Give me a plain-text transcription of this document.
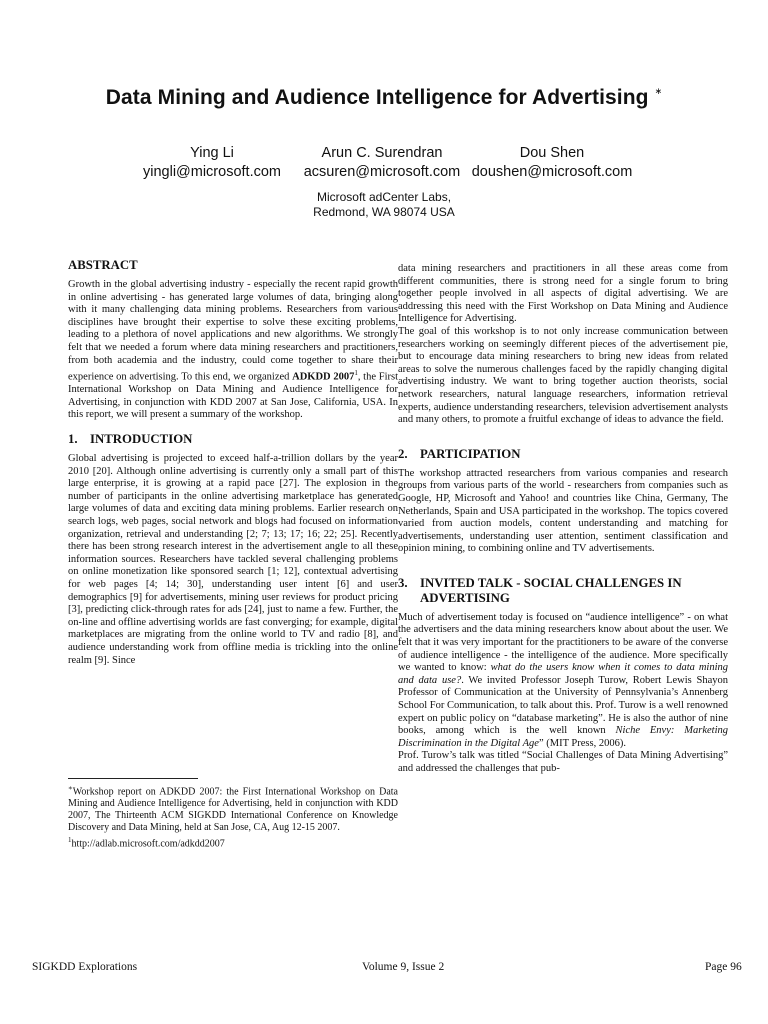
Data Mining and Audience Intelligence for Advertising ∗
Ying Li
yingli@microsoft.com
Arun C. Surendran
acsuren@microsoft.com
Dou Shen
doushen@microsoft.com
Microsoft adCenter Labs,
Redmond, WA 98074 USA
ABSTRACT

Growth in the global advertising industry - especially the recent rapid growth in online advertising - has generated large volumes of data, bringing along with it many challenging data mining problems. Researchers from various disciplines have brought their expertise to solve these exciting problems, leading to a plethora of novel applications and new algorithms. We strongly felt that we needed a forum where data mining researchers and practitioners, from both academia and the industry, could come together to share their experience on advertising. To this end, we organized ADKDD 2007$^1$, the First International Workshop on Data Mining and Audience Intelligence for Advertising, in conjunction with KDD 2007 at San Jose, California, USA. In this report, we will present a summary of the workshop.

1. INTRODUCTION

Global advertising is projected to exceed half-a-trillion dollars by the year 2010 [20]. Although online advertising is currently only a small part of this large enterprise, it is growing at a rapid pace [27]. The explosion in the number of participants in the online advertising marketplace has generated large volumes of data and exciting data mining problems. Earlier research on search logs, web pages, social network and blogs had focused on information organization, retrieval and understanding [2; 7; 13; 17; 16; 22; 25]. Recently there has been strong research interest in the advertisement angle to all these information sources. Researchers have tackled several challenging problems on online monetization like sponsored search [1; 12], contextual advertising for web pages [4; 14; 30], understanding user intent [6] and user demographics [9] for advertisements, mining user reviews for product pricing [3], predicting click-through rates for ads [24], just to name a few. Further, the on-line and offline advertising worlds are fast converging; for example, digital marketplaces are migrating from the online world to TV and radio [8], and audience understanding work from offline media is trickling into the online realm [9]. Since

∗Workshop report on ADKDD 2007: the First International Workshop on Data Mining and Audience Intelligence for Advertising, held in conjunction with KDD 2007, The Thirteenth ACM SIGKDD International Conference on Knowledge Discovery and Data Mining, held at San Jose, CA, Aug 12-15 2007.

$^1$http://adlab.microsoft.com/adkdd2007

data mining researchers and practitioners in all these areas come from different communities, there is strong need for a single forum to bring together people involved in all aspects of digital advertising. We are addressing this need with the First Workshop on Data Mining and Audience Intelligence for Advertising.

The goal of this workshop is to not only increase communication between researchers working on seemingly different pieces of the advertisement pie, but to encourage data mining researchers to bring new ideas from related areas to solve the numerous challenges faced by the rapidly changing digital advertising industry. We want to bring together auction theorists, social network researchers, natural language researchers, information retrieval experts, audience understanding researchers, television advertisement analysts and many others, to promote a fruitful exchange of ideas to advance the field.

2. PARTICIPATION

The workshop attracted researchers from various companies and research groups from various parts of the world - researchers from companies such as Google, HP, Microsoft and Yahoo! and countries like China, Germany, The Netherlands, Spain and USA participated in the workshop. The topics covered varied from auction models, content understanding and matching for advertisements, understanding user attention, sentiment classification and opinion mining, to combining online and TV advertisements.

3. INVITED TALK - SOCIAL CHALLENGES IN ADVERTISING

Much of advertisement today is focused on “audience intelligence” - on what the advertisers and the data mining researchers know about about the user. We felt that it was very important for the practitioners to be aware of the converse of audience intelligence - the intelligence of the audience. More specifically we wanted to know: what do the users know when it comes to data mining and data use?. We invited Professor Joseph Turow, Robert Lewis Shayon Professor of Communication at the University of Pennsylvania’s Annenberg School For Communication, to talk about this. Prof. Turow is a well renowned expert on public policy on “database marketing”. He is also the author of nine books, among which is the well known Niche Envy: Marketing Discrimination in the Digital Age” (MIT Press, 2006).

Prof. Turow’s talk was titled “Social Challenges of Data Mining Advertising” and addressed the challenges that pub-

SIGKDD Explorations	Volume 9, Issue 2	Page 96
